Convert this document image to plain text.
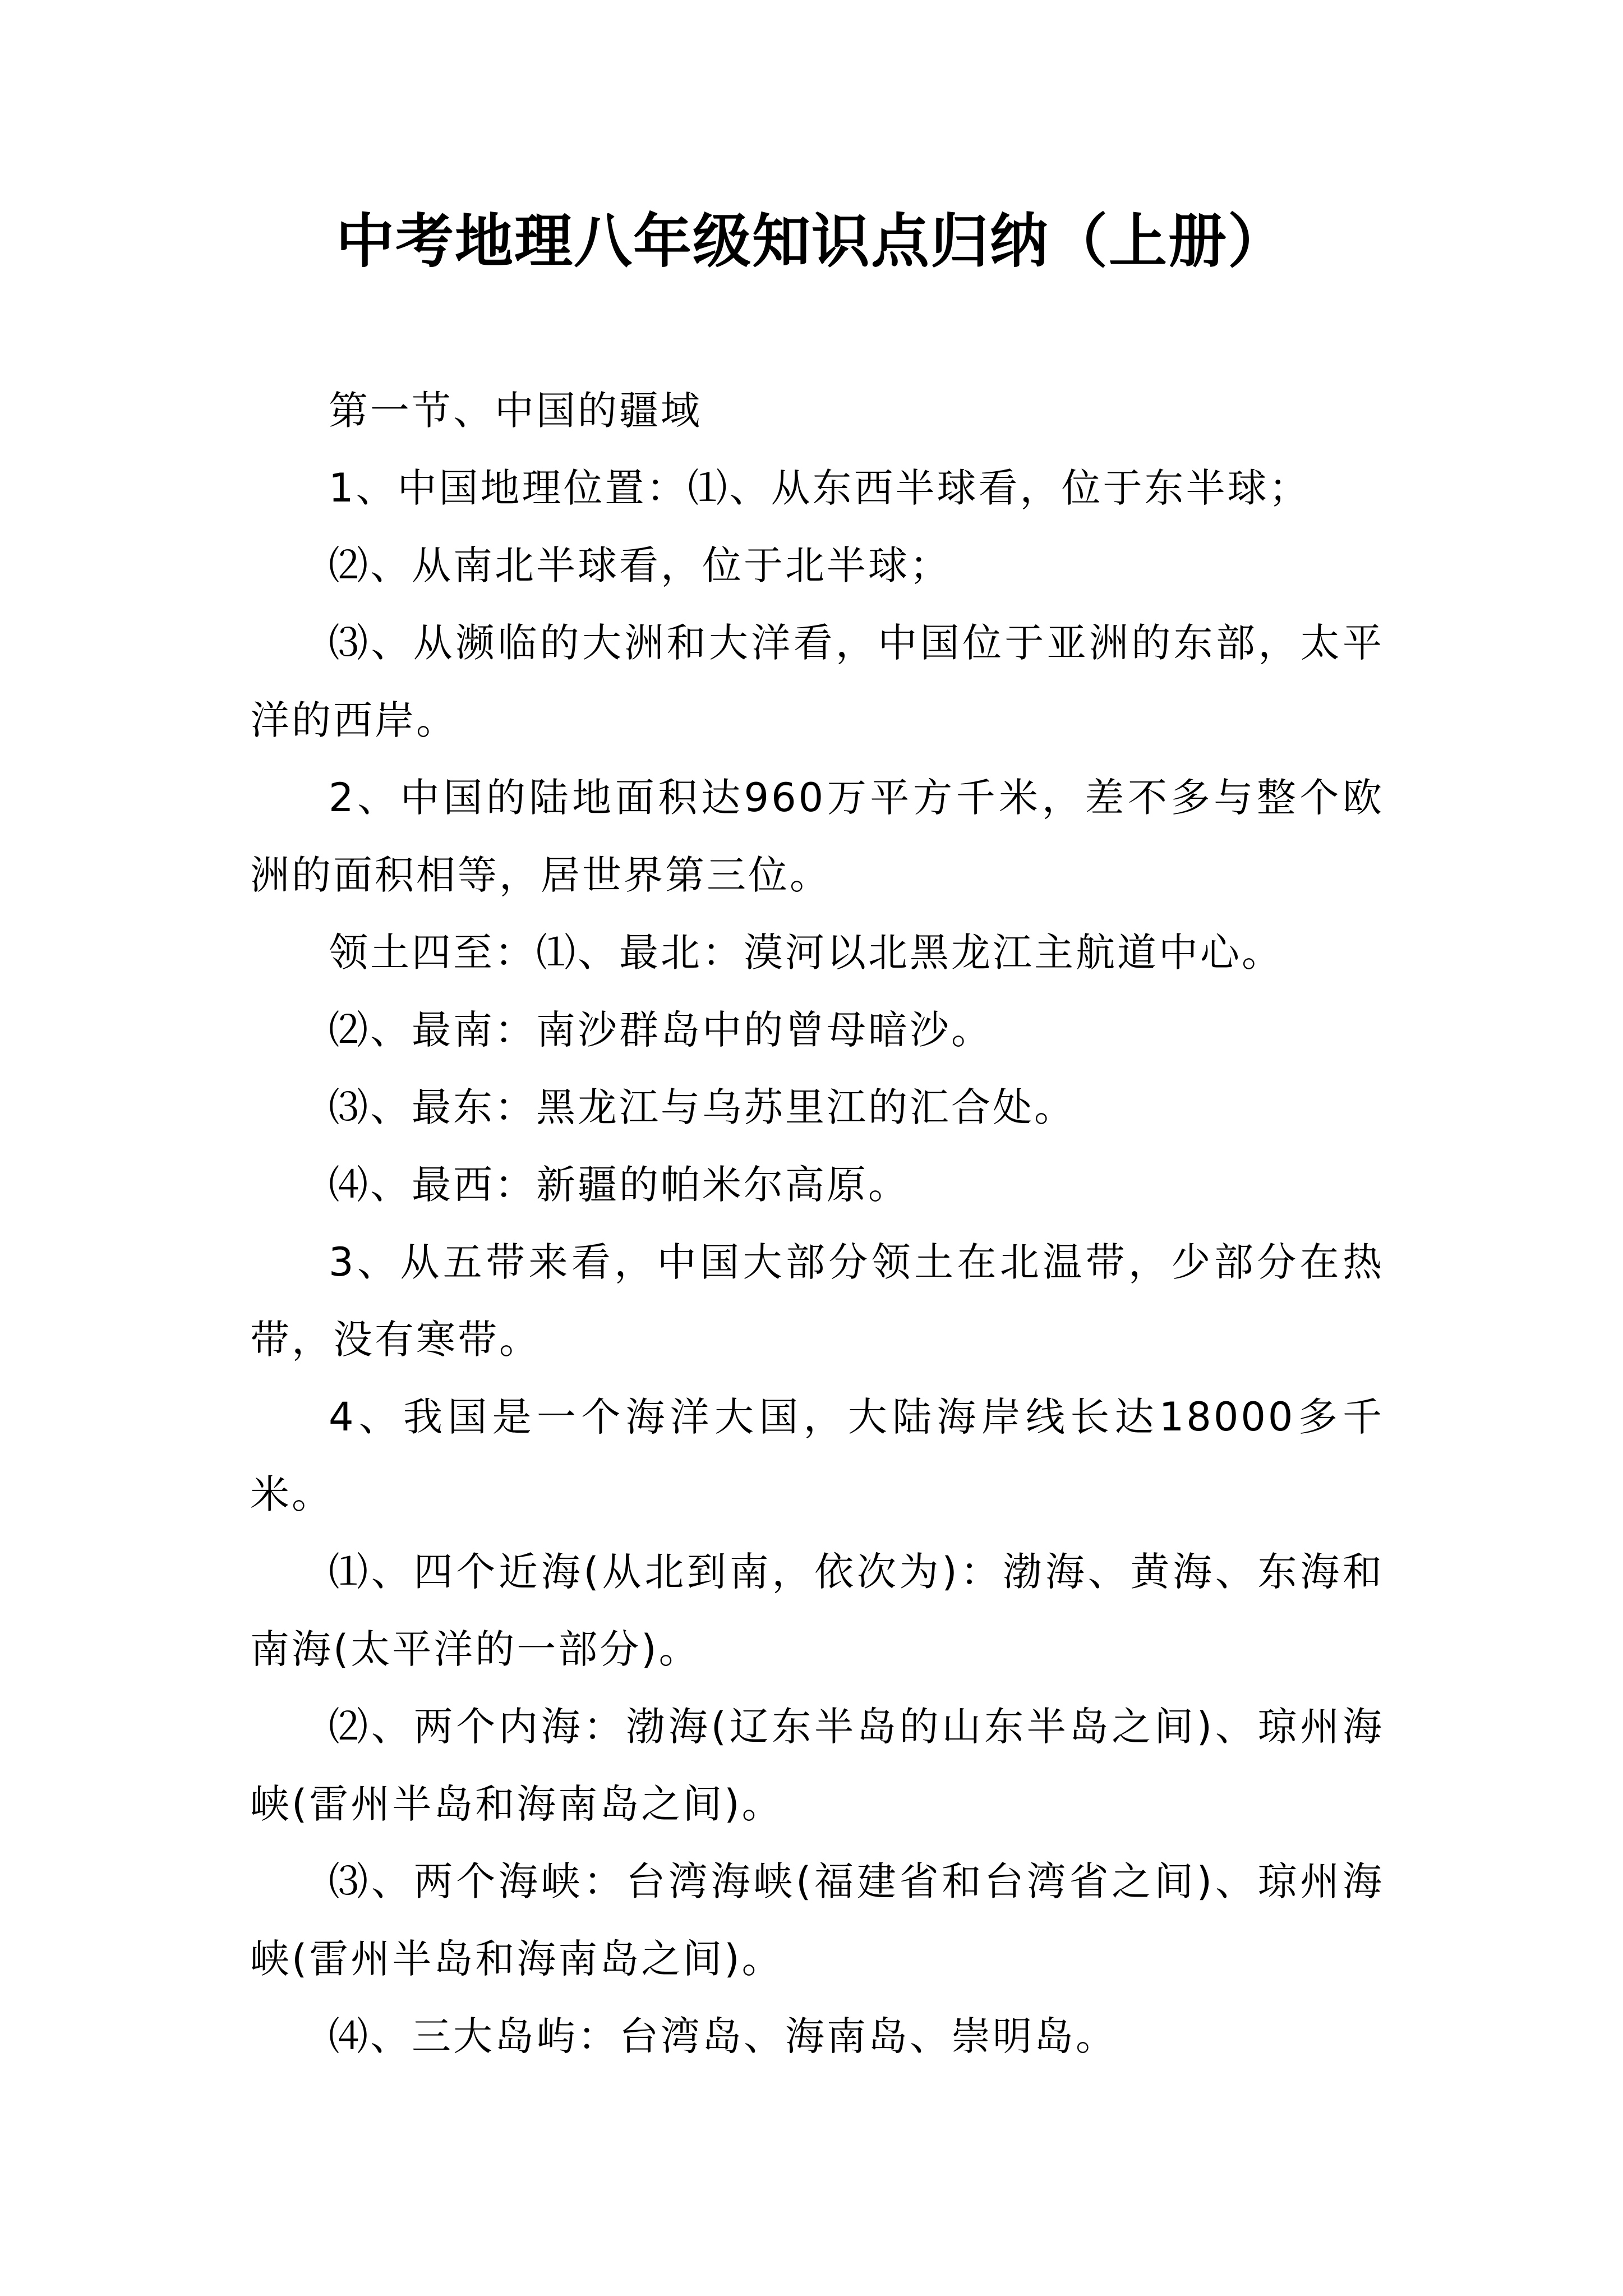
中考地理八年级知识点归纳（上册）

第一节、中国的疆域

1、中国地理位置：⑴、从东西半球看，位于东半球；

⑵、从南北半球看，位于北半球；

⑶、从濒临的大洲和大洋看，中国位于亚洲的东部，太平洋的西岸。

2、中国的陆地面积达960万平方千米，差不多与整个欧洲的面积相等，居世界第三位。

领土四至：⑴、最北：漠河以北黑龙江主航道中心。

⑵、最南：南沙群岛中的曾母暗沙。

⑶、最东：黑龙江与乌苏里江的汇合处。

⑷、最西：新疆的帕米尔高原。

3、从五带来看，中国大部分领土在北温带，少部分在热带，没有寒带。

4、我国是一个海洋大国，大陆海岸线长达18000多千米。

⑴、四个近海(从北到南，依次为)：渤海、黄海、东海和南海(太平洋的一部分)。

⑵、两个内海：渤海(辽东半岛的山东半岛之间)、琼州海峡(雷州半岛和海南岛之间)。

⑶、两个海峡：台湾海峡(福建省和台湾省之间)、琼州海峡(雷州半岛和海南岛之间)。

⑷、三大岛屿：台湾岛、海南岛、崇明岛。
